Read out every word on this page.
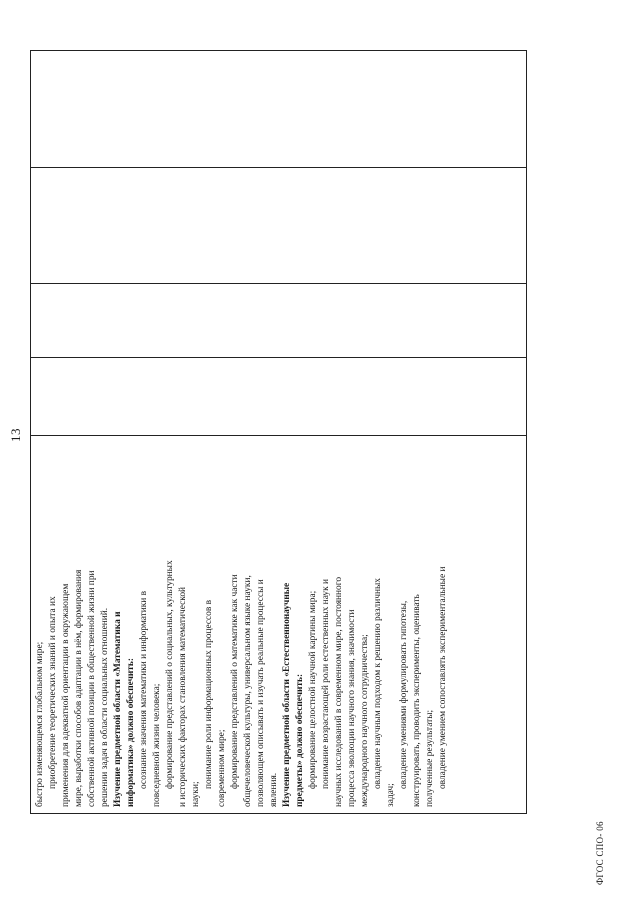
13

быстро изменяющемся глобальном мире; приобретение теоретических знаний и опыта их применения для адекватной ориентации в окружающем мире, выработки способов адаптации в нём, формирования собственной активной позиции в общественной жизни при решении задач в области социальных отношений. Изучение предметной области «Математика и информатика» должно обеспечить: осознание значения математики и информатики в повседневной жизни человека; формирование представлений о социальных, культурных и исторических факторах становления математической науки;

понимание роли информационных процессов в современном мире; формирование представлений о математике как части общечеловеческой культуры, универсальном языке науки, позволяющем описывать и изучать реальные процессы и явления. Изучение предметной области «Естественнонаучные предметы» должно обеспечить: формирование целостной научной картины мира; понимание возрастающей роли естественных наук и научных исследований в современном мире, постоянного процесса эволюции научного знания, значимости международного научного сотрудничества; овладение научным подходом к решению различных

задач;

овладение умениями формулировать гипотезы, конструировать, проводить эксперименты, оценивать полученные результаты; овладение умением сопоставлять экспериментальные и

ФГОС СПО- 06
